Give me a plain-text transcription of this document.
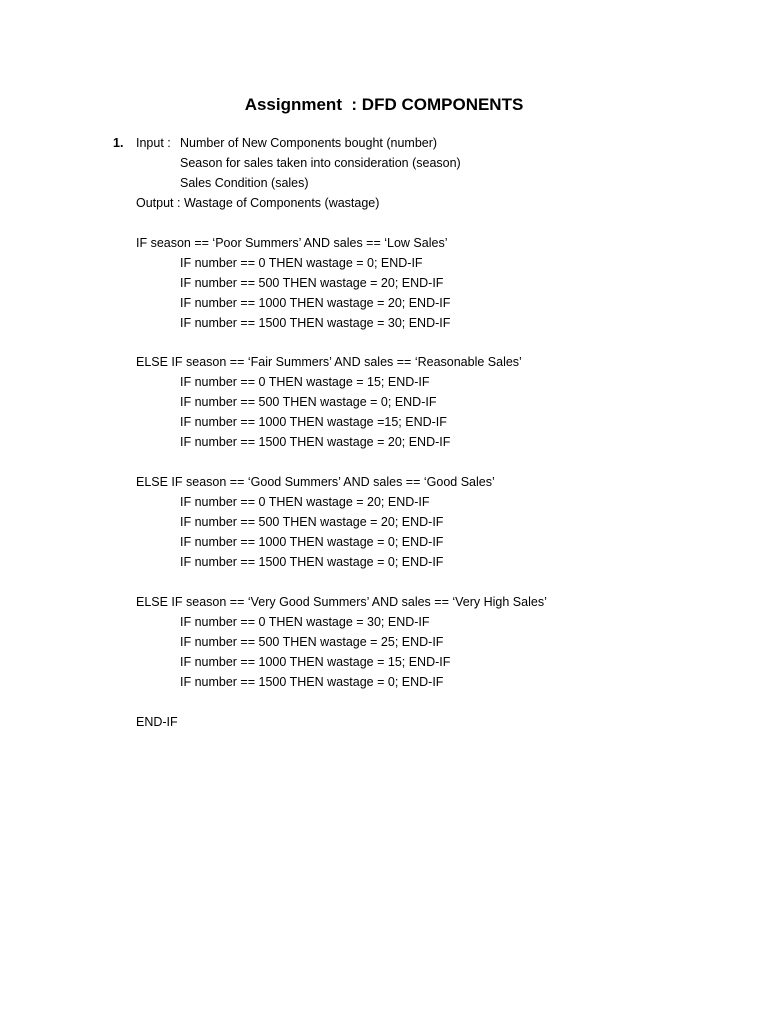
Assignment  : DFD COMPONENTS
1. Input : Number of New Components bought (number)
Season for sales taken into consideration (season)
Sales Condition (sales)
Output : Wastage of Components (wastage)
IF season == ‘Poor Summers’ AND sales == ‘Low Sales’
IF number == 0 THEN wastage = 0; END-IF
IF number == 500 THEN wastage = 20; END-IF
IF number == 1000 THEN wastage = 20; END-IF
IF number == 1500 THEN wastage = 30; END-IF
ELSE IF season == ‘Fair Summers’ AND sales == ‘Reasonable Sales’
IF number == 0 THEN wastage = 15; END-IF
IF number == 500 THEN wastage = 0; END-IF
IF number == 1000 THEN wastage =15; END-IF
IF number == 1500 THEN wastage = 20; END-IF
ELSE IF season == ‘Good Summers’ AND sales == ‘Good Sales’
IF number == 0 THEN wastage = 20; END-IF
IF number == 500 THEN wastage = 20; END-IF
IF number == 1000 THEN wastage = 0; END-IF
IF number == 1500 THEN wastage = 0; END-IF
ELSE IF season == ‘Very Good Summers’ AND sales == ‘Very High Sales’
IF number == 0 THEN wastage = 30; END-IF
IF number == 500 THEN wastage = 25; END-IF
IF number == 1000 THEN wastage = 15; END-IF
IF number == 1500 THEN wastage = 0; END-IF
END-IF
